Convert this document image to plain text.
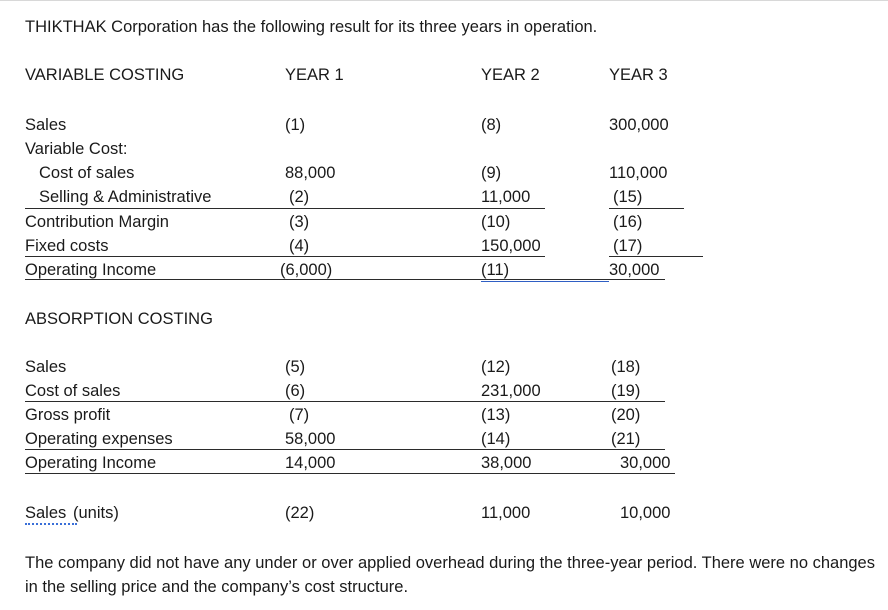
THIKTHAK Corporation has the following result for its three years in operation.
VARIABLE COSTING	YEAR 1	YEAR 2	YEAR 3
Sales	(1)	(8)	300,000
Variable Cost:
Cost of sales	88,000	(9)	110,000
Selling & Administrative	(2)	11,000	(15)
Contribution Margin	(3)	(10)	(16)
Fixed costs	(4)	150,000	(17)
Operating Income	(6,000)	(11)	30,000
ABSORPTION COSTING
Sales	(5)	(12)	(18)
Cost of sales	(6)	231,000	(19)
Gross profit	(7)	(13)	(20)
Operating expenses	58,000	(14)	(21)
Operating Income	14,000	38,000	30,000
Sales (units)	(22)	11,000	10,000
The company did not have any under or over applied overhead during the three-year period. There were no changes in the selling price and the company’s cost structure.
